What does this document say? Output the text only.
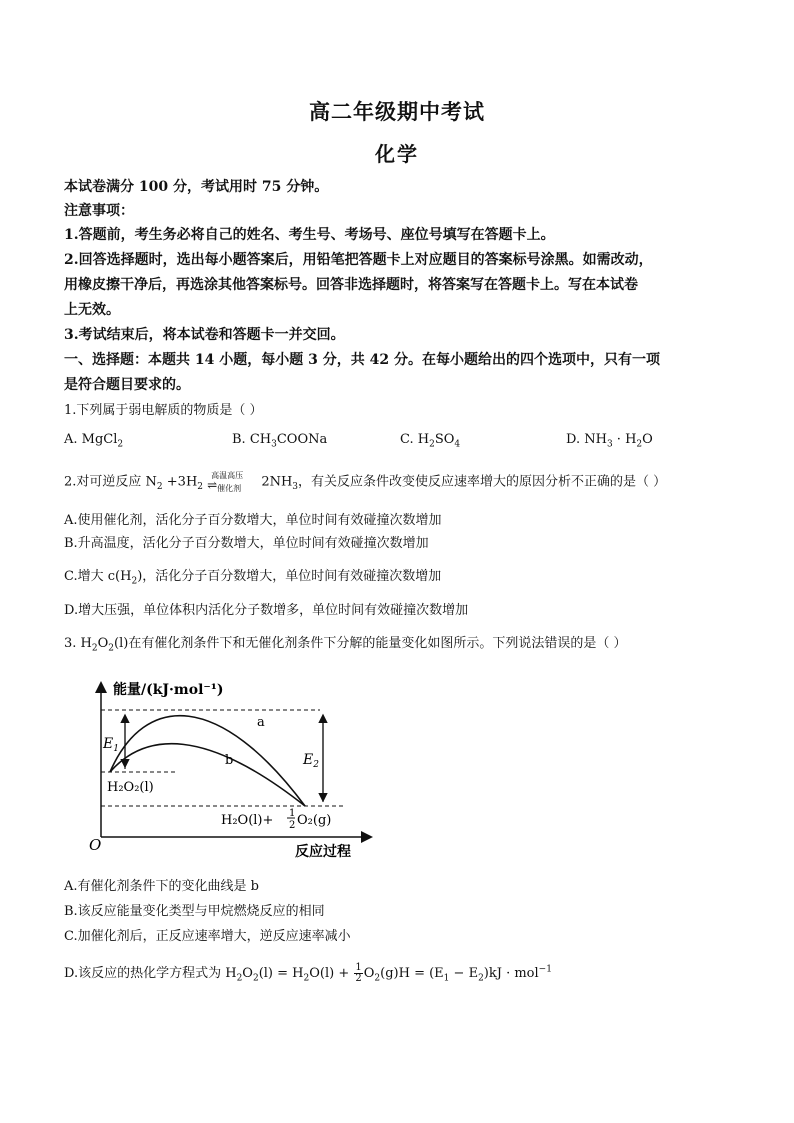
高二年级期中考试
化学
本试卷满分 100 分，考试用时 75 分钟。
注意事项：
1.答题前，考生务必将自己的姓名、考生号、考场号、座位号填写在答题卡上。
2.回答选择题时，选出每小题答案后，用铅笔把答题卡上对应题目的答案标号涂黑。如需改动，
用橡皮擦干净后，再选涂其他答案标号。回答非选择题时，将答案写在答题卡上。写在本试卷
上无效。
3.考试结束后，将本试卷和答题卡一并交回。
一、选择题：本题共 14 小题，每小题 3 分，共 42 分。在每小题给出的四个选项中，只有一项
是符合题目要求的。
1.下列属于弱电解质的物质是（ ）
A. MgCl$_2$	B. $CH_3COONa$	C. $H_2SO_4$	D. $NH_3 \cdot H_2O$
2.对可逆反应 $N_2 +3H_2$
高温高压
⇌ 催化剂 $2NH_3$，有关反应条件改变使反应速率增大的原因分析不正确的是（ ）
A.使用催化剂，活化分子百分数增大，单位时间有效碰撞次数增加
B.升高温度，活化分子百分数增大，单位时间有效碰撞次数增加
C.增大 $c(H_2)$，活化分子百分数增大，单位时间有效碰撞次数增加
D.增大压强，单位体积内活化分子数增多，单位时间有效碰撞次数增加
3. $H_2O_2(l)$在有催化剂条件下和无催化剂条件下分解的能量变化如图所示。下列说法错误的是（ ）
能量/(kJ·mol⁻¹)
反应过程
O
a
b
$E_1$
$E_2$
H₂O₂(l)
H₂O(l)+ 1
2 O₂(g)
A.有催化剂条件下的变化曲线是 b
B.该反应能量变化类型与甲烷燃烧反应的相同
C.加催化剂后，正反应速率增大，逆反应速率减小
D.该反应的热化学方程式为 $H_2O_2(l) = H_2O(l) + \frac{1}{2} O_2(g)H = (E_1 - E_2)kJ \cdot mol^{-1}$
